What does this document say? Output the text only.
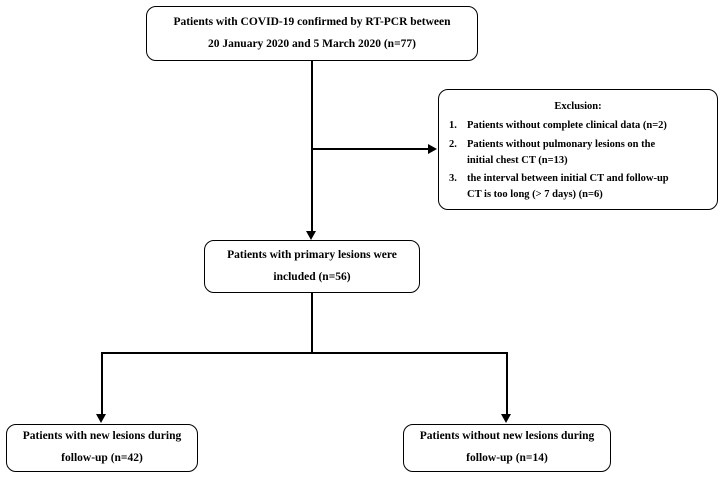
Patients with COVID-19 confirmed by RT-PCR between
20 January 2020 and 5 March 2020 (n=77)
Exclusion:
1. Patients without complete clinical data (n=2)
2. Patients without pulmonary lesions on the
initial chest CT (n=13)
3. the interval between initial CT and follow-up
CT is too long (> 7 days) (n=6)
Patients with primary lesions were
included (n=56)
Patients with new lesions during
follow-up (n=42)
Patients without new lesions during
follow-up (n=14)
